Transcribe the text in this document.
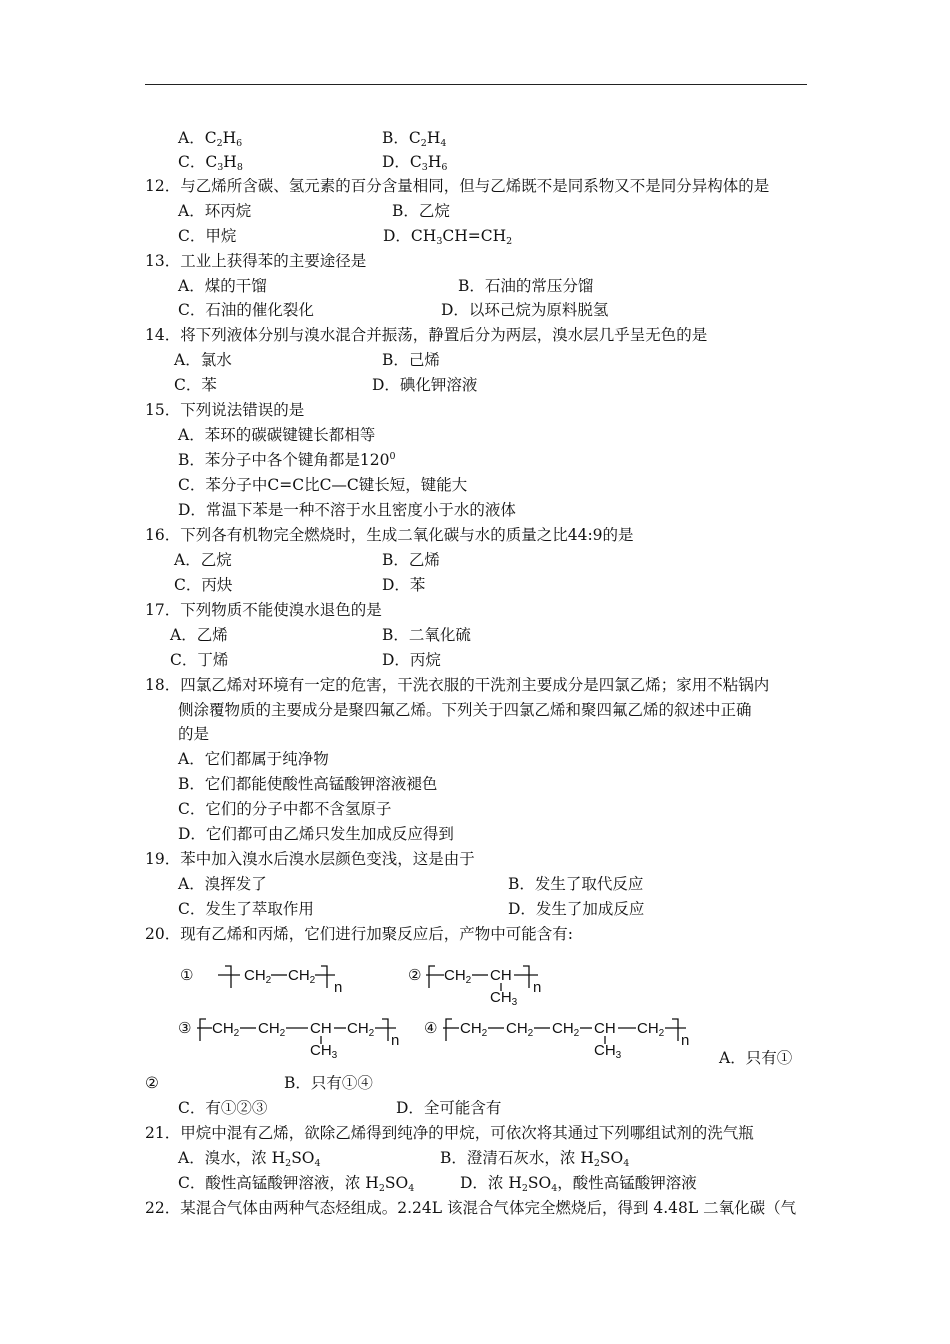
A．$C_2H_6$	B．$C_2H_4$
C．$C_3H_8$	D．$C_3H_6$
12．与乙烯所含碳、氢元素的百分含量相同，但与乙烯既不是同系物又不是同分异构体的是
A．环丙烷	B．乙烷
C．甲烷	D．$CH_3CH=CH_2$
13．工业上获得苯的主要途径是
A．煤的干馏	B．石油的常压分馏
C．石油的催化裂化	D．以环己烷为原料脱氢
14．将下列液体分别与溴水混合并振荡，静置后分为两层，溴水层几乎呈无色的是
A．氯水	B．己烯
C．苯	D．碘化钾溶液
15．下列说法错误的是
A．苯环的碳碳键键长都相等
B．苯分子中各个键角都是$120^0$
C．苯分子中C=C比C—C键长短，键能大
D．常温下苯是一种不溶于水且密度小于水的液体
16．下列各有机物完全燃烧时，生成二氧化碳与水的质量之比44:9的是
A．乙烷	B．乙烯
C．丙炔	D．苯
17．下列物质不能使溴水退色的是
A．乙烯	B．二氧化硫
C．丁烯	D．丙烷
18．四氯乙烯对环境有一定的危害，干洗衣服的干洗剂主要成分是四氯乙烯；家用不粘锅内
侧涂覆物质的主要成分是聚四氟乙烯。下列关于四氯乙烯和聚四氟乙烯的叙述中正确
的是
A．它们都属于纯净物
B．它们都能使酸性高锰酸钾溶液褪色
C．它们的分子中都不含氢原子
D．它们都可由乙烯只发生加成反应得到
19．苯中加入溴水后溴水层颜色变浅，这是由于
A．溴挥发了	B．发生了取代反应
C．发生了萃取作用	D．发生了加成反应
20．现有乙烯和丙烯，它们进行加聚反应后，产物中可能含有:
①	$CH_2$ $CH_2$ n
② $CH_2$ CH
$CH_3$
n
③ $CH_2$ $CH_2$ CH
$CH_3$
$CH_2$ n
④ $CH_2$ $CH_2$ $CH_2$ CH
$CH_3$
$CH_2$ n
A．只有①
②	B．只有①④
C．有①②③	D．全可能含有
21．甲烷中混有乙烯，欲除乙烯得到纯净的甲烷，可依次将其通过下列哪组试剂的洗气瓶
A．溴水，浓 $H_2SO_4$	B．澄清石灰水，浓 $H_2SO_4$
C．酸性高锰酸钾溶液，浓 $H_2SO_4$	D．浓 $H_2SO_4$，酸性高锰酸钾溶液
22．某混合气体由两种气态烃组成。2.24L 该混合气体完全燃烧后，得到 4.48L 二氧化碳（气
